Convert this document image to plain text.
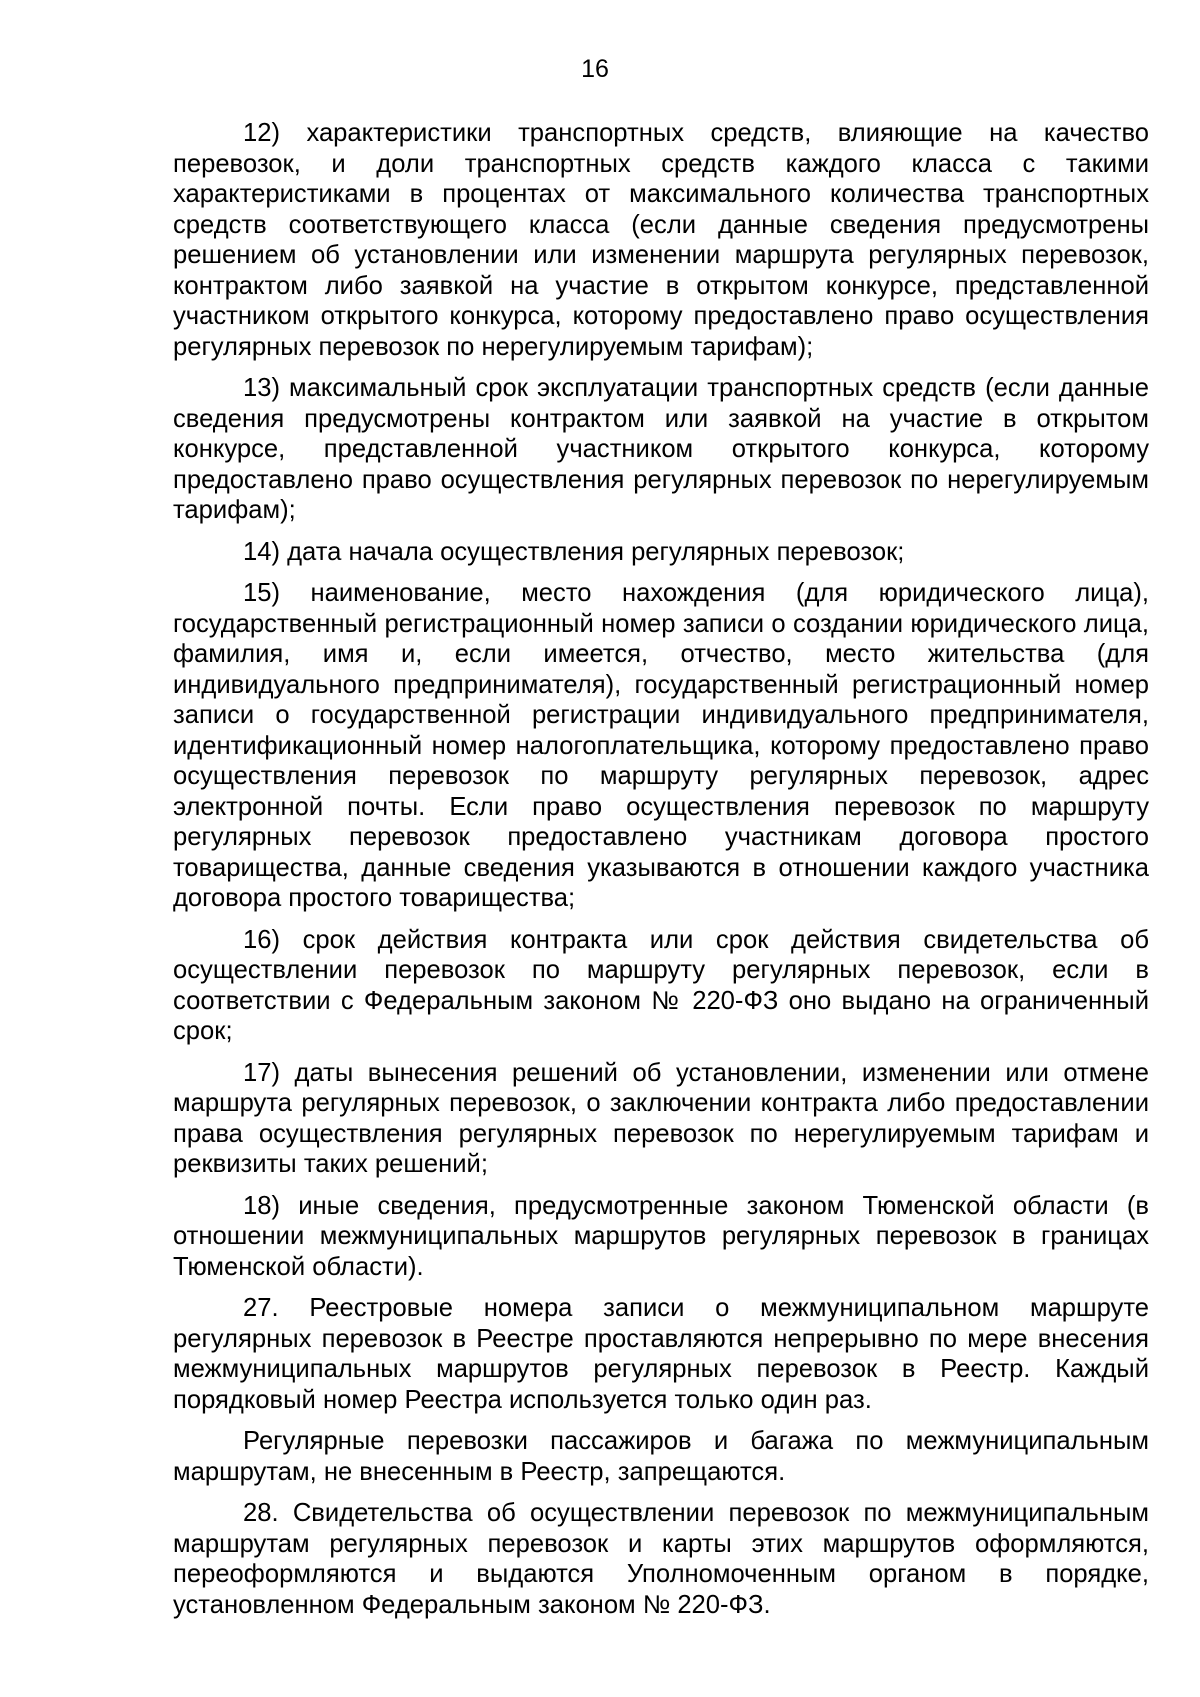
16

12) характеристики транспортных средств, влияющие на качество перевозок, и доли транспортных средств каждого класса с такими характеристиками в процентах от максимального количества транспортных средств соответствующего класса (если данные сведения предусмотрены решением об установлении или изменении маршрута регулярных перевозок, контрактом либо заявкой на участие в открытом конкурсе, представленной участником открытого конкурса, которому предоставлено право осуществления регулярных перевозок по нерегулируемым тарифам);

13) максимальный срок эксплуатации транспортных средств (если данные сведения предусмотрены контрактом или заявкой на участие в открытом конкурсе, представленной участником открытого конкурса, которому предоставлено право осуществления регулярных перевозок по нерегулируемым тарифам);

14) дата начала осуществления регулярных перевозок;

15) наименование, место нахождения (для юридического лица), государственный регистрационный номер записи о создании юридического лица, фамилия, имя и, если имеется, отчество, место жительства (для индивидуального предпринимателя), государственный регистрационный номер записи о государственной регистрации индивидуального предпринимателя, идентификационный номер налогоплательщика, которому предоставлено право осуществления перевозок по маршруту регулярных перевозок, адрес электронной почты. Если право осуществления перевозок по маршруту регулярных перевозок предоставлено участникам договора простого товарищества, данные сведения указываются в отношении каждого участника договора простого товарищества;

16) срок действия контракта или срок действия свидетельства об осуществлении перевозок по маршруту регулярных перевозок, если в соответствии с Федеральным законом № 220-ФЗ оно выдано на ограниченный срок;

17) даты вынесения решений об установлении, изменении или отмене маршрута регулярных перевозок, о заключении контракта либо предоставлении права осуществления регулярных перевозок по нерегулируемым тарифам и реквизиты таких решений;

18) иные сведения, предусмотренные законом Тюменской области (в отношении межмуниципальных маршрутов регулярных перевозок в границах Тюменской области).

27. Реестровые номера записи о межмуниципальном маршруте регулярных перевозок в Реестре проставляются непрерывно по мере внесения межмуниципальных маршрутов регулярных перевозок в Реестр. Каждый порядковый номер Реестра используется только один раз.

Регулярные перевозки пассажиров и багажа по межмуниципальным маршрутам, не внесенным в Реестр, запрещаются.

28. Свидетельства об осуществлении перевозок по межмуниципальным маршрутам регулярных перевозок и карты этих маршрутов оформляются, переоформляются и выдаются Уполномоченным органом в порядке, установленном Федеральным законом № 220-ФЗ.
